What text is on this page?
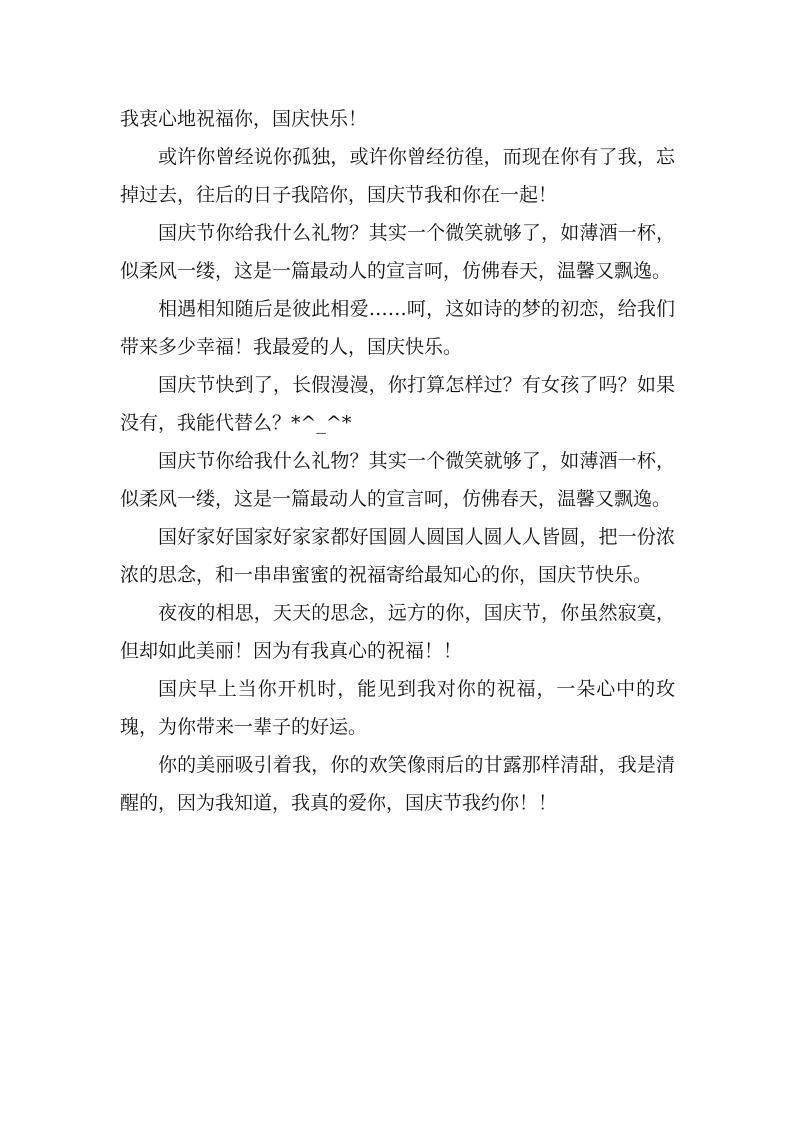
我衷心地祝福你，国庆快乐！

或许你曾经说你孤独，或许你曾经彷徨，而现在你有了我，忘掉过去，往后的日子我陪你，国庆节我和你在一起！

国庆节你给我什么礼物？其实一个微笑就够了，如薄酒一杯，似柔风一缕，这是一篇最动人的宣言呵，仿佛春天，温馨又飘逸。

相遇相知随后是彼此相爱……呵，这如诗的梦的初恋，给我们带来多少幸福！我最爱的人，国庆快乐。

国庆节快到了，长假漫漫，你打算怎样过？有女孩了吗？如果没有，我能代替么？*^_^*

国庆节你给我什么礼物？其实一个微笑就够了，如薄酒一杯，似柔风一缕，这是一篇最动人的宣言呵，仿佛春天，温馨又飘逸。

国好家好国家好家家都好国圆人圆国人圆人人皆圆，把一份浓浓的思念，和一串串蜜蜜的祝福寄给最知心的你，国庆节快乐。

夜夜的相思，天天的思念，远方的你，国庆节，你虽然寂寞，但却如此美丽！因为有我真心的祝福！！

国庆早上当你开机时，能见到我对你的祝福，一朵心中的玫瑰，为你带来一辈子的好运。

你的美丽吸引着我，你的欢笑像雨后的甘露那样清甜，我是清醒的，因为我知道，我真的爱你，国庆节我约你！！
